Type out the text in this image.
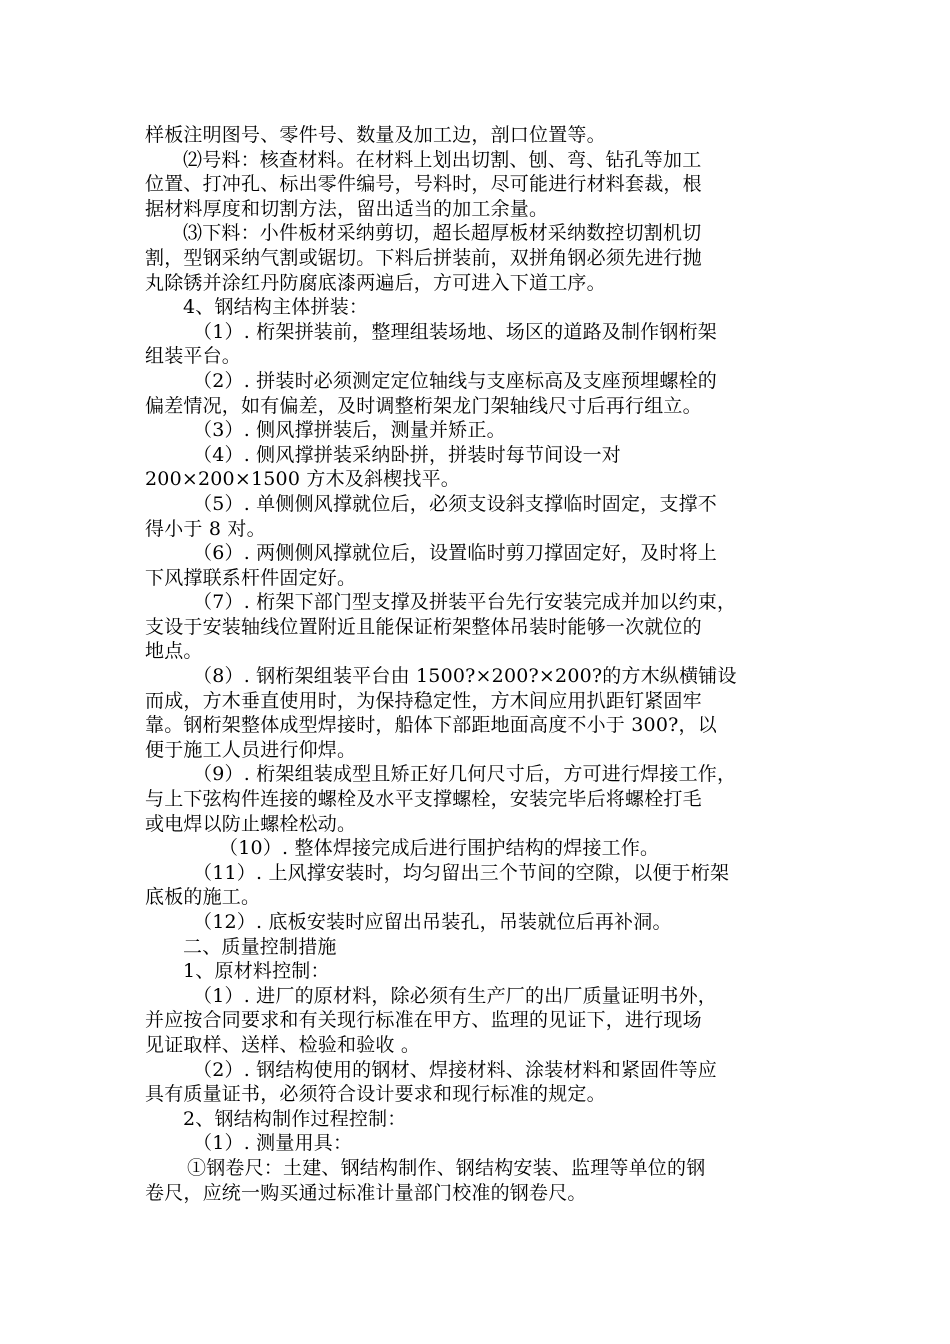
样板注明图号、零件号、数量及加工边，剖口位置等。
⑵号料：核查材料。在材料上划出切割、刨、弯、钻孔等加工
位置、打冲孔、标出零件编号，号料时，尽可能进行材料套裁，根
据材料厚度和切割方法，留出适当的加工余量。
⑶下料：小件板材采纳剪切，超长超厚板材采纳数控切割机切
割，型钢采纳气割或锯切。下料后拼装前，双拼角钢必须先进行抛
丸除锈并涂红丹防腐底漆两遍后，方可进入下道工序。
4、钢结构主体拼装：
（1）. 桁架拼装前，整理组装场地、场区的道路及制作钢桁架
组装平台。
（2）. 拼装时必须测定定位轴线与支座标高及支座预埋螺栓的
偏差情况，如有偏差，及时调整桁架龙门架轴线尺寸后再行组立。
（3）. 侧风撑拼装后，测量并矫正。
（4）. 侧风撑拼装采纳卧拼，拼装时每节间设一对
200×200×1500 方木及斜楔找平。
（5）. 单侧侧风撑就位后，必须支设斜支撑临时固定，支撑不
得小于 8 对。
（6）. 两侧侧风撑就位后，设置临时剪刀撑固定好，及时将上
下风撑联系杆件固定好。
（7）. 桁架下部门型支撑及拼装平台先行安装完成并加以约束，
支设于安装轴线位置附近且能保证桁架整体吊装时能够一次就位的
地点。
（8）. 钢桁架组装平台由 1500?×200?×200?的方木纵横铺设
而成，方木垂直使用时，为保持稳定性，方木间应用扒距钉紧固牢
靠。钢桁架整体成型焊接时，船体下部距地面高度不小于 300?，以
便于施工人员进行仰焊。
（9）. 桁架组装成型且矫正好几何尺寸后，方可进行焊接工作，
与上下弦构件连接的螺栓及水平支撑螺栓，安装完毕后将螺栓打毛
或电焊以防止螺栓松动。
（10）. 整体焊接完成后进行围护结构的焊接工作。
（11）. 上风撑安装时，均匀留出三个节间的空隙，以便于桁架
底板的施工。
（12）. 底板安装时应留出吊装孔，吊装就位后再补洞。
二、质量控制措施
1、原材料控制：
（1）. 进厂的原材料，除必须有生产厂的出厂质量证明书外，
并应按合同要求和有关现行标准在甲方、监理的见证下，进行现场
见证取样、送样、检验和验收 。
（2）. 钢结构使用的钢材、焊接材料、涂装材料和紧固件等应
具有质量证书，必须符合设计要求和现行标准的规定。
2、钢结构制作过程控制：
（1）. 测量用具：
①钢卷尺：土建、钢结构制作、钢结构安装、监理等单位的钢
卷尺，应统一购买通过标准计量部门校准的钢卷尺。
